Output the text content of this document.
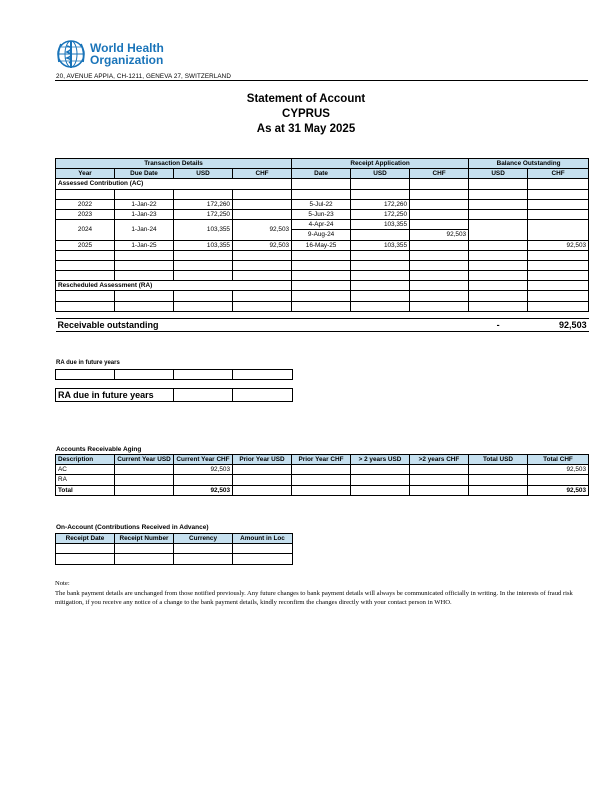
World Health
Organization
20, AVENUE APPIA, CH-1211, GENEVA 27, SWITZERLAND
Statement of Account
CYPRUS
As at 31 May 2025
Transaction Details				Receipt Application			Balance Outstanding	
Year	Due Date	USD	CHF	Date	USD	CHF	USD	CHF
Assessed Contribution (AC)								

2022	1-Jan-22	172,260		5-Jul-22	172,260			
2023	1-Jan-23	172,250		5-Jun-23	172,250			
2024	1-Jan-24	103,355	92,503	4-Apr-24	103,355			
				9-Aug-24		92,503		
2025	1-Jan-25	103,355	92,503	16-May-25	103,355			92,503

Rescheduled Assessment (RA)								

Receivable outstanding							-	92,503
RA due in future years

RA due in future years		
Accounts Receivable Aging
Description	Current Year USD	Current Year CHF	Prior Year USD	Prior Year CHF	> 2 years USD	>2 years CHF	Total USD	Total CHF
AC		92,503						92,503
RA								
Total		92,503						92,503
On-Account (Contributions Received in Advance)
Receipt Date	Receipt Number	Currency	Amount in Loc

Note:
The bank payment details are unchanged from those notified previously. Any future changes to bank payment details will always be communicated officially in writing. In the interests of fraud risk mitigation, if you receive any notice of a change to the bank payment details, kindly reconfirm the changes directly with your contact person in WHO.
